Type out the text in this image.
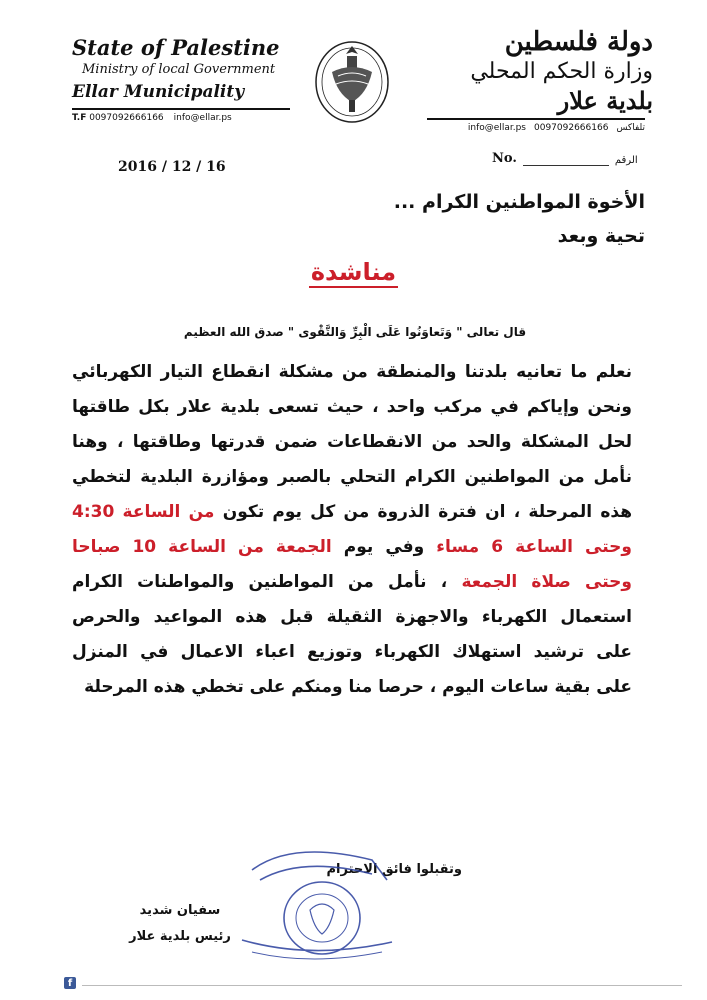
State of Palestine
Ministry of local Government
Ellar Municipality
T.F 0097092666166 info@ellar.ps
دولة فلسطين
وزارة الحكم المحلي
بلدية علار
info@ellar.ps 0097092666166 تلفاكس
2016 / 12 / 16
No.	الرقم
الأخوة المواطنين الكرام ...
تحية وبعد
مناشدة
قال تعالى " وَتَعاوَنُوا عَلَى الْبِرِّ وَالتَّقْوى " صدق الله العظيم
نعلم ما تعانيه بلدتنا والمنطقة من مشكلة انقطاع التيار الكهربائي
ونحن وإياكم في مركب واحد ، حيث تسعى بلدية علار بكل طاقتها
لحل المشكلة والحد من الانقطاعات ضمن قدرتها وطاقتها ، وهنا
نأمل من المواطنين الكرام التحلي بالصبر ومؤازرة البلدية لتخطي
هذه المرحلة ، ان فترة الذروة من كل يوم تكون من الساعة 4:30
وحتى الساعة 6 مساء وفي يوم الجمعة من الساعة 10 صباحا
وحتى صلاة الجمعة ، نأمل من المواطنين والمواطنات الكرام
استعمال الكهرباء والاجهزة الثقيلة قبل هذه المواعيد والحرص
على ترشيد استهلاك الكهرباء وتوزيع اعباء الاعمال في المنزل
على بقية ساعات اليوم ، حرصا منا ومنكم على تخطي هذه المرحلة
وتقبلوا فائق الاحترام
سفيان شديد
رئيس بلدية علار
f
